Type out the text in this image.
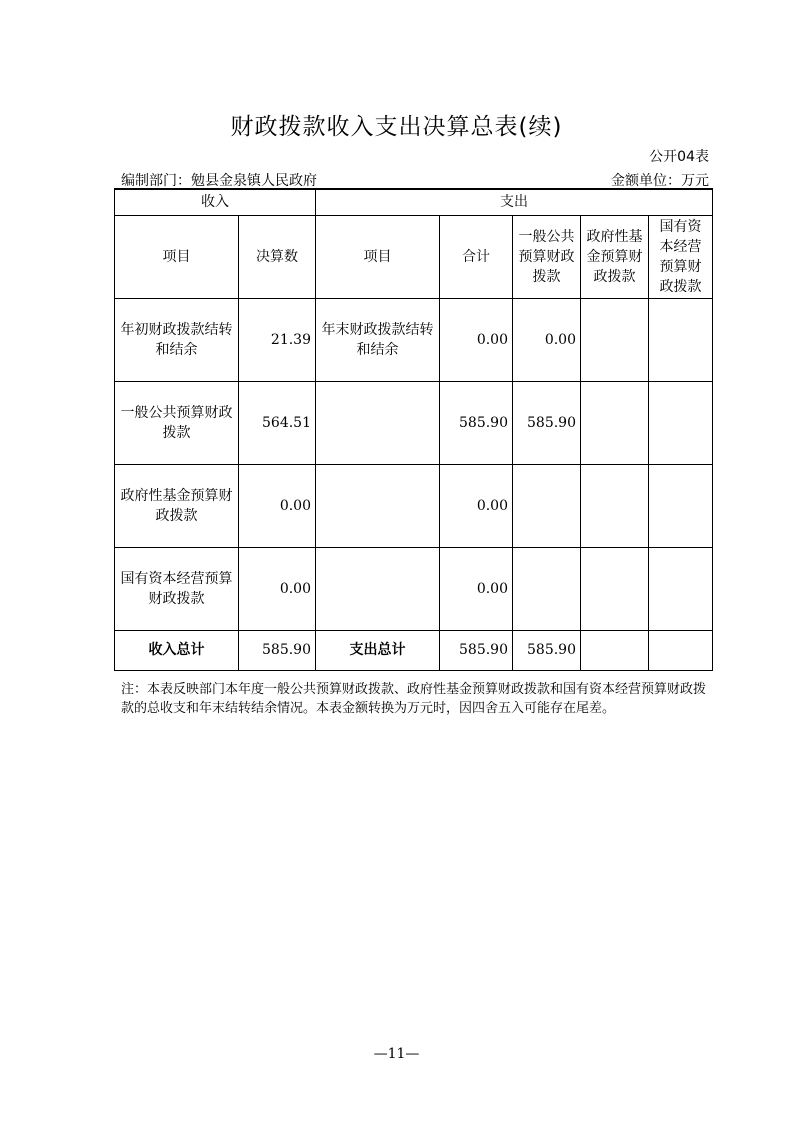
财政拨款收入支出决算总表(续)
公开04表
编制部门：勉县金泉镇人民政府	金额单位：万元
收入		支出				
项目	决算数	项目	合计	一般公共预算财政拨款	政府性基金预算财政拨款	国有资本经营预算财政拨款
年初财政拨款结转和结余	21.39	年末财政拨款结转和结余	0.00	0.00		
一般公共预算财政拨款	564.51		585.90	585.90		
政府性基金预算财政拨款	0.00		0.00			
国有资本经营预算财政拨款	0.00		0.00			
收入总计	585.90	支出总计	585.90	585.90		
注：本表反映部门本年度一般公共预算财政拨款、政府性基金预算财政拨款和国有资本经营预算财政拨款的总收支和年末结转结余情况。本表金额转换为万元时，因四舍五入可能存在尾差。
—11—
